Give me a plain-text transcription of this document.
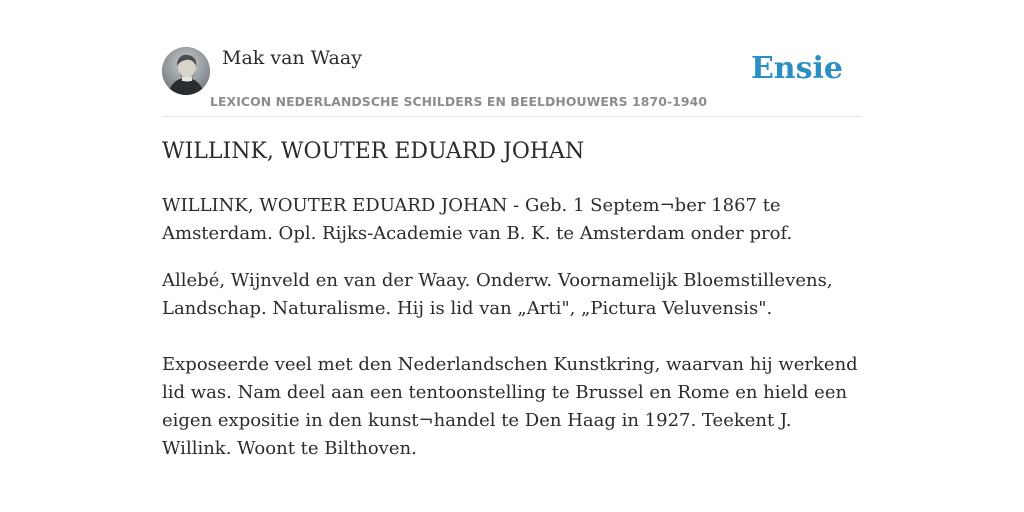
Mak van Waay
LEXICON NEDERLANDSCHE SCHILDERS EN BEELDHOUWERS 1870-1940
Ensie
WILLINK, WOUTER EDUARD JOHAN

WILLINK, WOUTER EDUARD JOHAN - Geb. 1 Septem¬ber 1867 te Amsterdam. Opl. Rijks-Academie van B. K. te Amsterdam onder prof.

Allebé, Wijnveld en van der Waay. Onderw. Voornamelijk Bloemstillevens, Landschap. Naturalisme. Hij is lid van „Arti", „Pictura Veluvensis".

Exposeerde veel met den Nederlandschen Kunstkring, waarvan hij werkend lid was. Nam deel aan een tentoonstelling te Brussel en Rome en hield een eigen expositie in den kunst¬handel te Den Haag in 1927. Teekent J. Willink. Woont te Bilthoven.
